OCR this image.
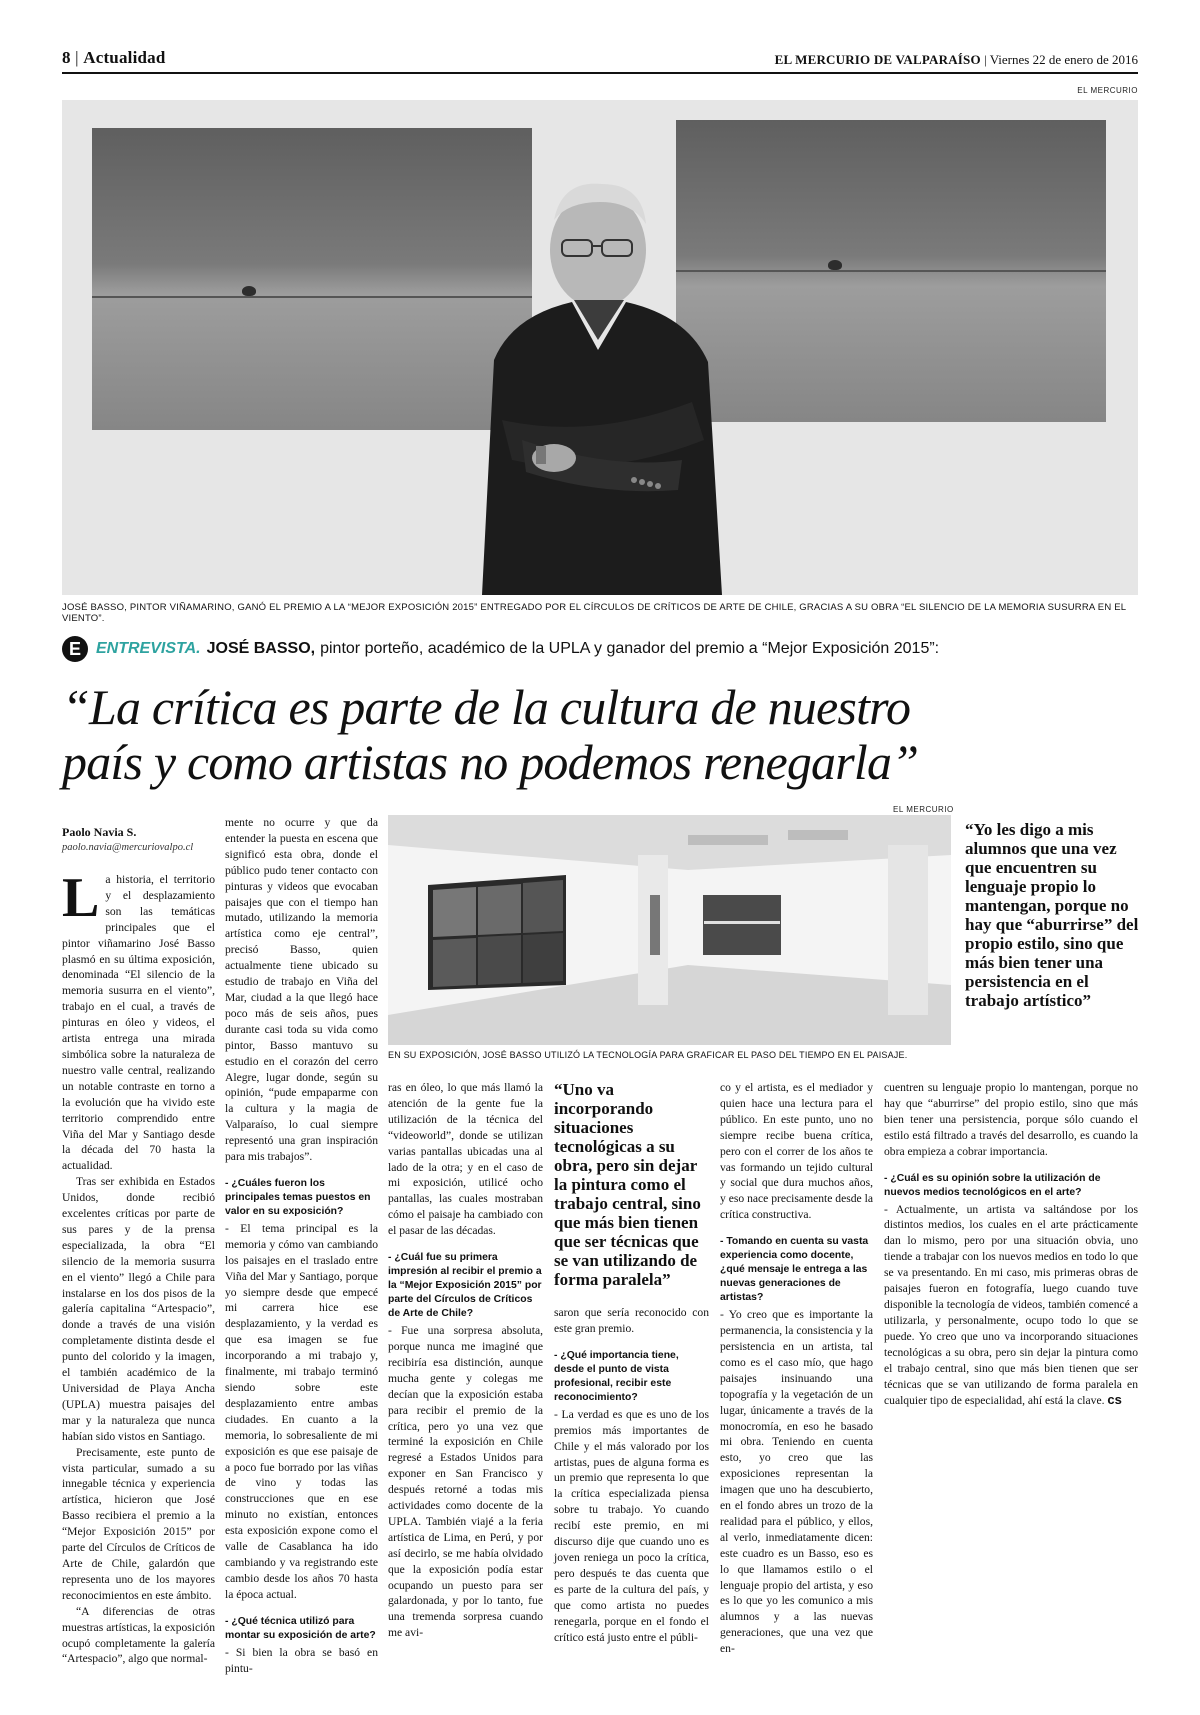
8 | Actualidad	EL MERCURIO DE VALPARAÍSO | Viernes 22 de enero de 2016
EL MERCURIO
JOSÉ BASSO, PINTOR VIÑAMARINO, GANÓ EL PREMIO A LA “MEJOR EXPOSICIÓN 2015” ENTREGADO POR EL CÍRCULOS DE CRÍTICOS DE ARTE DE CHILE, GRACIAS A SU OBRA “EL SILENCIO DE LA MEMORIA SUSURRA EN EL VIENTO”.
E ENTREVISTA. JOSÉ BASSO, pintor porteño, académico de la UPLA y ganador del premio a “Mejor Exposición 2015”:
“La crítica es parte de la cultura de nuestro
país y como artistas no podemos renegarla”
Paolo Navia S.
paolo.navia@mercuriovalpo.cl

La historia, el territorio y el desplazamiento son las temáticas principales que el pintor viñamarino José Basso plasmó en su última exposición, denominada “El silencio de la memoria susurra en el viento”, trabajo en el cual, a través de pinturas en óleo y videos, el artista entrega una mirada simbólica sobre la naturaleza de nuestro valle central, realizando un notable contraste en torno a la evolución que ha vivido este territorio comprendido entre Viña del Mar y Santiago desde la década del 70 hasta la actualidad.

Tras ser exhibida en Estados Unidos, donde recibió excelentes críticas por parte de sus pares y de la prensa especializada, la obra “El silencio de la memoria susurra en el viento” llegó a Chile para instalarse en los dos pisos de la galería capitalina “Artespacio”, donde a través de una visión completamente distinta desde el punto del colorido y la imagen, el también académico de la Universidad de Playa Ancha (UPLA) muestra paisajes del mar y la naturaleza que nunca habían sido vistos en Santiago.

Precisamente, este punto de vista particular, sumado a su innegable técnica y experiencia artística, hicieron que José Basso recibiera el premio a la “Mejor Exposición 2015” por parte del Círculos de Críticos de Arte de Chile, galardón que representa uno de los mayores reconocimientos en este ámbito.

“A diferencias de otras muestras artísticas, la exposición ocupó completamente la galería “Artespacio”, algo que normal-

mente no ocurre y que da entender la puesta en escena que significó esta obra, donde el público pudo tener contacto con pinturas y videos que evocaban paisajes que con el tiempo han mutado, utilizando la memoria artística como eje central”, precisó Basso, quien actualmente tiene ubicado su estudio de trabajo en Viña del Mar, ciudad a la que llegó hace poco más de seis años, pues durante casi toda su vida como pintor, Basso mantuvo su estudio en el corazón del cerro Alegre, lugar donde, según su opinión, “pude empaparme con la cultura y la magia de Valparaíso, lo cual siempre representó una gran inspiración para mis trabajos”.

- ¿Cuáles fueron los principales temas puestos en valor en su exposición?

- El tema principal es la memoria y cómo van cambiando los paisajes en el traslado entre Viña del Mar y Santiago, porque yo siempre desde que empecé mi carrera hice ese desplazamiento, y la verdad es que esa imagen se fue incorporando a mi trabajo y, finalmente, mi trabajo terminó siendo sobre este desplazamiento entre ambas ciudades. En cuanto a la memoria, lo sobresaliente de mi exposición es que ese paisaje de a poco fue borrado por las viñas de vino y todas las construcciones que en ese minuto no existían, entonces esta exposición expone como el valle de Casablanca ha ido cambiando y va registrando este cambio desde los años 70 hasta la época actual.

- ¿Qué técnica utilizó para montar su exposición de arte?

- Si bien la obra se basó en pintu-

EL MERCURIO
EN SU EXPOSICIÓN, JOSÉ BASSO UTILIZÓ LA TECNOLOGÍA PARA GRAFICAR EL PASO DEL TIEMPO EN EL PAISAJE.
“Yo les digo a mis alumnos que una vez que encuentren su lenguaje propio lo mantengan, porque no hay que “aburrirse” del propio estilo, sino que más bien tener una persistencia en el trabajo artístico”

ras en óleo, lo que más llamó la atención de la gente fue la utilización de la técnica del “videoworld”, donde se utilizan varias pantallas ubicadas una al lado de la otra; y en el caso de mi exposición, utilicé ocho pantallas, las cuales mostraban cómo el paisaje ha cambiado con el pasar de las décadas.

- ¿Cuál fue su primera impresión al recibir el premio a la “Mejor Exposición 2015” por parte del Círculos de Críticos de Arte de Chile?

- Fue una sorpresa absoluta, porque nunca me imaginé que recibiría esa distinción, aunque mucha gente y colegas me decían que la exposición estaba para recibir el premio de la crítica, pero yo una vez que terminé la exposición en Chile regresé a Estados Unidos para exponer en San Francisco y después retorné a todas mis actividades como docente de la UPLA. También viajé a la feria artística de Lima, en Perú, y por así decirlo, se me había olvidado que la exposición podía estar ocupando un puesto para ser galardonada, y por lo tanto, fue una tremenda sorpresa cuando me avi-

“Uno va incorporando situaciones tecnológicas a su obra, pero sin dejar la pintura como el trabajo central, sino que más bien tienen que ser técnicas que se van utilizando de forma paralela”

saron que sería reconocido con este gran premio.

- ¿Qué importancia tiene, desde el punto de vista profesional, recibir este reconocimiento?

- La verdad es que es uno de los premios más importantes de Chile y el más valorado por los artistas, pues de alguna forma es un premio que representa lo que la crítica especializada piensa sobre tu trabajo. Yo cuando recibí este premio, en mi discurso dije que cuando uno es joven reniega un poco la crítica, pero después te das cuenta que es parte de la cultura del país, y que como artista no puedes renegarla, porque en el fondo el crítico está justo entre el públi-

co y el artista, es el mediador y quien hace una lectura para el público. En este punto, uno no siempre recibe buena crítica, pero con el correr de los años te vas formando un tejido cultural y social que dura muchos años, y eso nace precisamente desde la crítica constructiva.

- Tomando en cuenta su vasta experiencia como docente, ¿qué mensaje le entrega a las nuevas generaciones de artistas?

- Yo creo que es importante la permanencia, la consistencia y la persistencia en un artista, tal como es el caso mío, que hago paisajes insinuando una topografía y la vegetación de un lugar, únicamente a través de la monocromía, en eso he basado mi obra. Teniendo en cuenta esto, yo creo que las exposiciones representan la imagen que uno ha descubierto, en el fondo abres un trozo de la realidad para el público, y ellos, al verlo, inmediatamente dicen: este cuadro es un Basso, eso es lo que llamamos estilo o el lenguaje propio del artista, y eso es lo que yo les comunico a mis alumnos y a las nuevas generaciones, que una vez que en-

cuentren su lenguaje propio lo mantengan, porque no hay que “aburrirse” del propio estilo, sino que más bien tener una persistencia, porque sólo cuando el estilo está filtrado a través del desarrollo, es cuando la obra empieza a cobrar importancia.

- ¿Cuál es su opinión sobre la utilización de nuevos medios tecnológicos en el arte?

- Actualmente, un artista va saltándose por los distintos medios, los cuales en el arte prácticamente dan lo mismo, pero por una situación obvia, uno tiende a trabajar con los nuevos medios en todo lo que se va presentando. En mi caso, mis primeras obras de paisajes fueron en fotografía, luego cuando tuve disponible la tecnología de videos, también comencé a utilizarla, y personalmente, ocupo todo lo que se puede. Yo creo que uno va incorporando situaciones tecnológicas a su obra, pero sin dejar la pintura como el trabajo central, sino que más bien tienen que ser técnicas que se van utilizando de forma paralela en cualquier tipo de especialidad, ahí está la clave. cs
